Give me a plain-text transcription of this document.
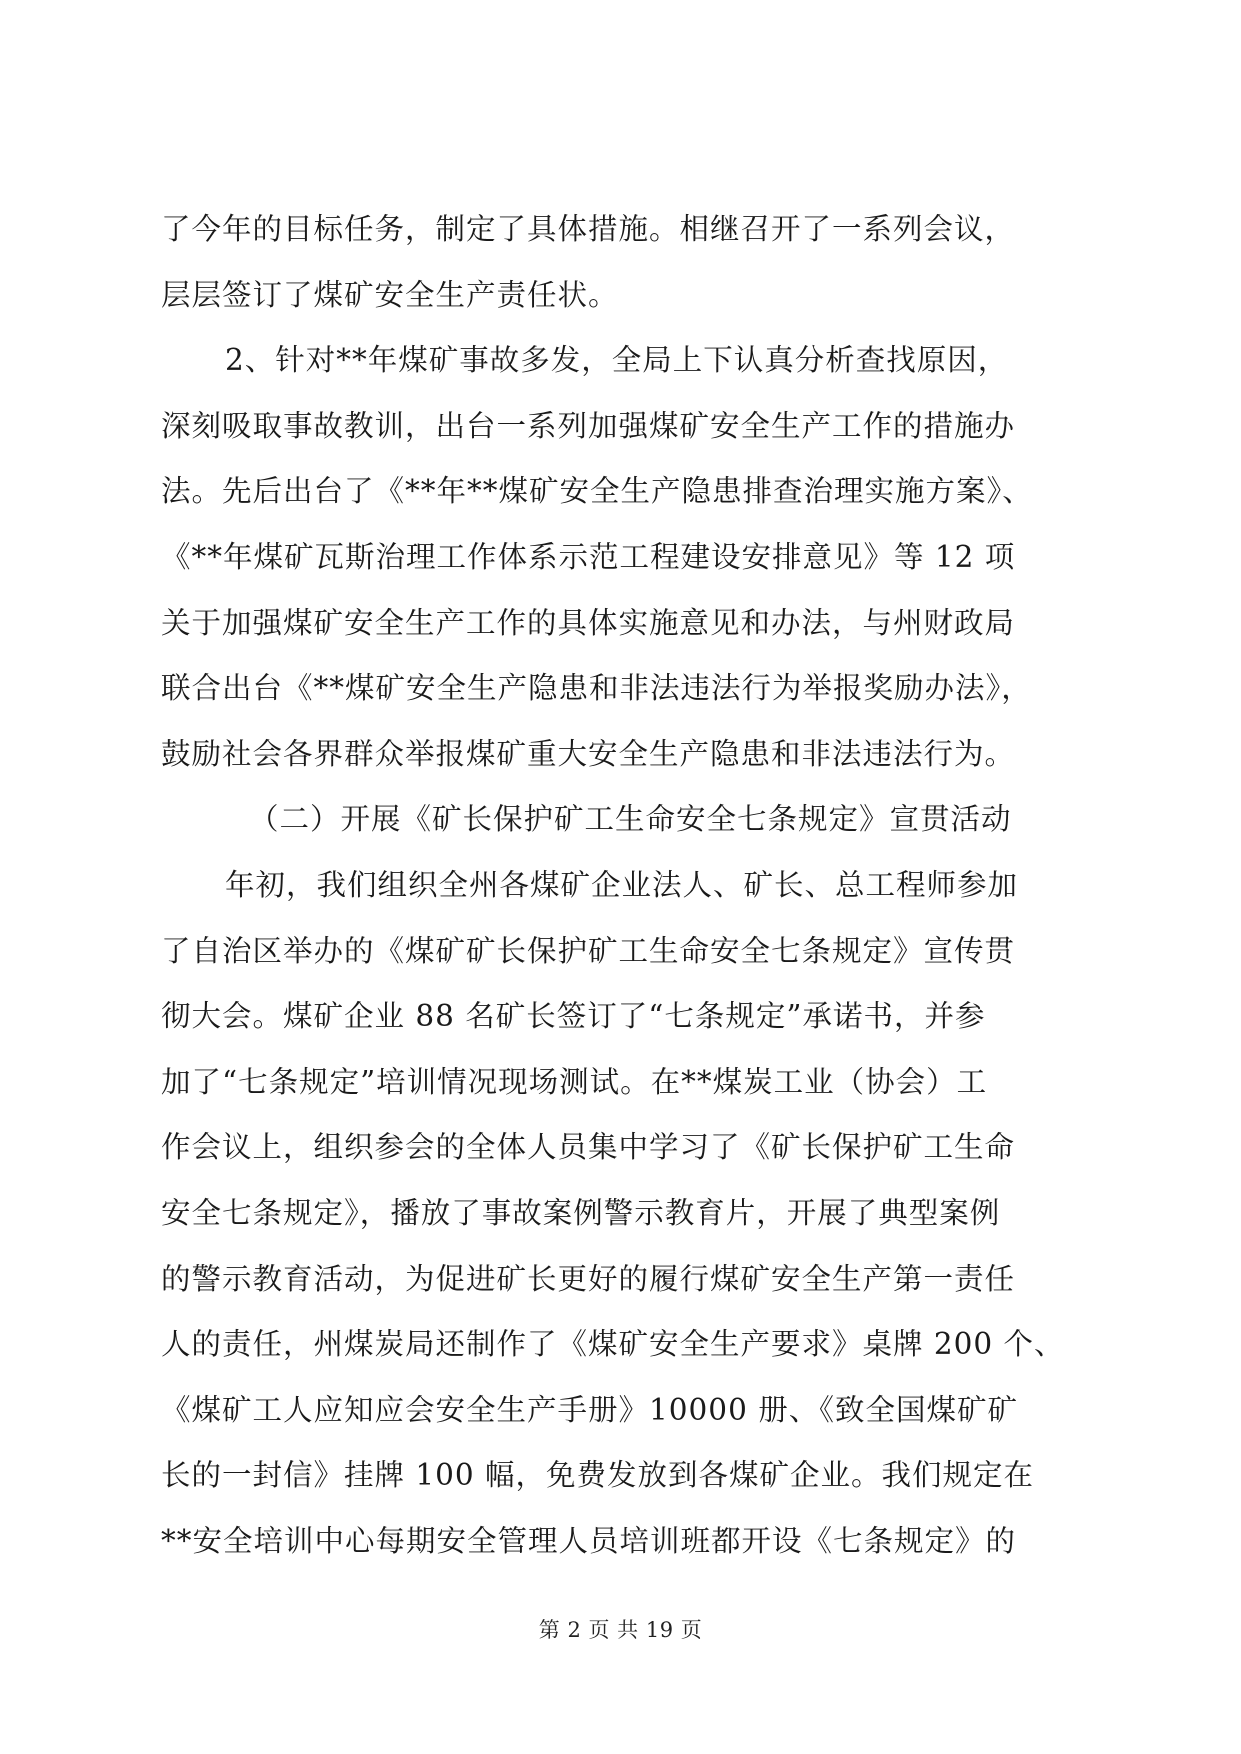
了今年的目标任务，制定了具体措施。相继召开了一系列会议，
层层签订了煤矿安全生产责任状。
2、针对**年煤矿事故多发，全局上下认真分析查找原因，
深刻吸取事故教训，出台一系列加强煤矿安全生产工作的措施办
法。先后出台了《**年**煤矿安全生产隐患排查治理实施方案》、
《**年煤矿瓦斯治理工作体系示范工程建设安排意见》等 12 项
关于加强煤矿安全生产工作的具体实施意见和办法，与州财政局
联合出台《**煤矿安全生产隐患和非法违法行为举报奖励办法》，
鼓励社会各界群众举报煤矿重大安全生产隐患和非法违法行为。
（二）开展《矿长保护矿工生命安全七条规定》宣贯活动
年初，我们组织全州各煤矿企业法人、矿长、总工程师参加
了自治区举办的《煤矿矿长保护矿工生命安全七条规定》宣传贯
彻大会。煤矿企业 88 名矿长签订了“七条规定”承诺书，并参
加了“七条规定”培训情况现场测试。在**煤炭工业（协会）工
作会议上，组织参会的全体人员集中学习了《矿长保护矿工生命
安全七条规定》，播放了事故案例警示教育片，开展了典型案例
的警示教育活动，为促进矿长更好的履行煤矿安全生产第一责任
人的责任，州煤炭局还制作了《煤矿安全生产要求》桌牌 200 个、
《煤矿工人应知应会安全生产手册》10000 册、《致全国煤矿矿
长的一封信》挂牌 100 幅，免费发放到各煤矿企业。我们规定在
**安全培训中心每期安全管理人员培训班都开设《七条规定》的
第 2 页 共 19 页
